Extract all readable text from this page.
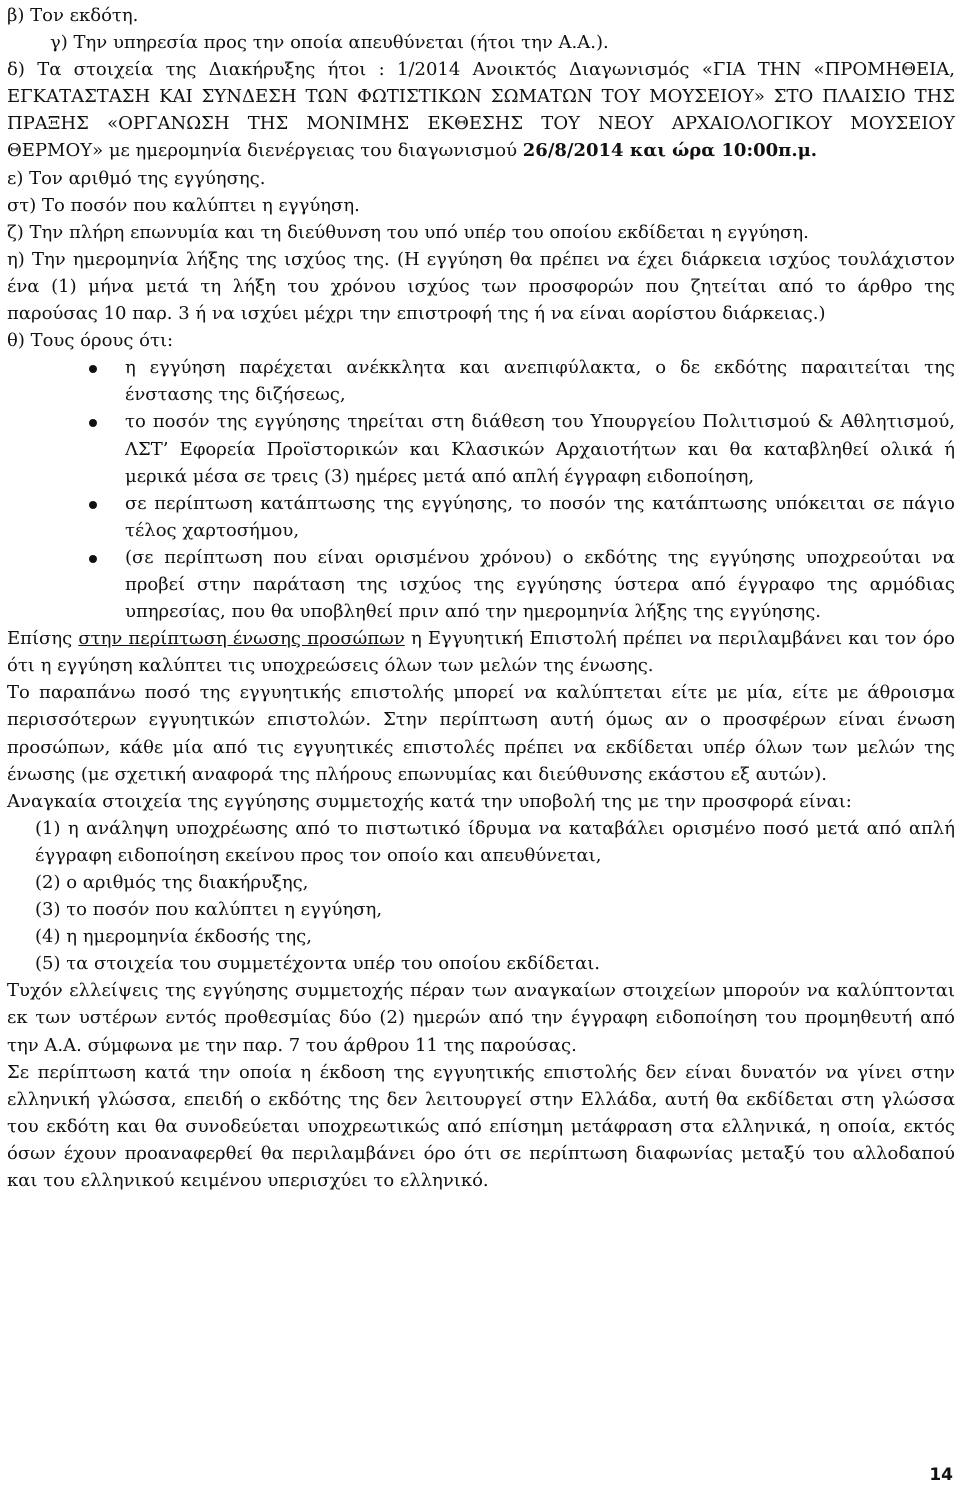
β) Τον εκδότη.

γ) Την υπηρεσία προς την οποία απευθύνεται (ήτοι την Α.Α.).

δ) Τα στοιχεία της Διακήρυξης ήτοι : 1/2014 Ανοικτός Διαγωνισμός «ΓΙΑ ΤΗΝ «ΠΡΟΜΗΘΕΙΑ, ΕΓΚΑΤΑΣΤΑΣΗ ΚΑΙ ΣΥΝΔΕΣΗ ΤΩΝ ΦΩΤΙΣΤΙΚΩΝ ΣΩΜΑΤΩΝ ΤΟΥ ΜΟΥΣΕΙΟΥ» ΣΤΟ ΠΛΑΙΣΙΟ ΤΗΣ ΠΡΑΞΗΣ «ΟΡΓΑΝΩΣΗ ΤΗΣ ΜΟΝΙΜΗΣ ΕΚΘΕΣΗΣ ΤΟΥ ΝΕΟΥ ΑΡΧΑΙΟΛΟΓΙΚΟΥ ΜΟΥΣΕΙΟΥ ΘΕΡΜΟΥ» με ημερομηνία διενέργειας του διαγωνισμού 26/8/2014 και ώρα 10:00π.μ.

ε) Τον αριθμό της εγγύησης.

στ) Το ποσόν που καλύπτει η εγγύηση.

ζ) Την πλήρη επωνυμία και τη διεύθυνση του υπό υπέρ του οποίου εκδίδεται η εγγύηση.

η) Την ημερομηνία λήξης της ισχύος της. (Η εγγύηση θα πρέπει να έχει διάρκεια ισχύος τουλάχιστον ένα (1) μήνα μετά τη λήξη του χρόνου ισχύος των προσφορών που ζητείται από το άρθρο της παρούσας 10 παρ. 3 ή να ισχύει μέχρι την επιστροφή της ή να είναι αορίστου διάρκειας.)

θ) Τους όρους ότι:

η εγγύηση παρέχεται ανέκκλητα και ανεπιφύλακτα, ο δε εκδότης παραιτείται της ένστασης της διζήσεως,
το ποσόν της εγγύησης τηρείται στη διάθεση του Υπουργείου Πολιτισμού & Αθλητισμού, ΛΣΤ’ Εφορεία Προϊστορικών και Κλασικών Αρχαιοτήτων και θα καταβληθεί ολικά ή μερικά μέσα σε τρεις (3) ημέρες μετά από απλή έγγραφη ειδοποίηση,
σε περίπτωση κατάπτωσης της εγγύησης, το ποσόν της κατάπτωσης υπόκειται σε πάγιο τέλος χαρτοσήμου,
(σε περίπτωση που είναι ορισμένου χρόνου) ο εκδότης της εγγύησης υποχρεούται να προβεί στην παράταση της ισχύος της εγγύησης ύστερα από έγγραφο της αρμόδιας υπηρεσίας, που θα υποβληθεί πριν από την ημερομηνία λήξης της εγγύησης.

Επίσης στην περίπτωση ένωσης προσώπων η Εγγυητική Επιστολή πρέπει να περιλαμβάνει και τον όρο ότι η εγγύηση καλύπτει τις υποχρεώσεις όλων των μελών της ένωσης.

Το παραπάνω ποσό της εγγυητικής επιστολής μπορεί να καλύπτεται είτε με μία, είτε με άθροισμα περισσότερων εγγυητικών επιστολών. Στην περίπτωση αυτή όμως αν ο προσφέρων είναι ένωση προσώπων, κάθε μία από τις εγγυητικές επιστολές πρέπει να εκδίδεται υπέρ όλων των μελών της ένωσης (με σχετική αναφορά της πλήρους επωνυμίας και διεύθυνσης εκάστου εξ αυτών).

Αναγκαία στοιχεία της εγγύησης συμμετοχής κατά την υποβολή της με την προσφορά είναι:

(1) η ανάληψη υποχρέωσης από το πιστωτικό ίδρυμα να καταβάλει ορισμένο ποσό μετά από απλή έγγραφη ειδοποίηση εκείνου προς τον οποίο και απευθύνεται,

(2) ο αριθμός της διακήρυξης,

(3) το ποσόν που καλύπτει η εγγύηση,

(4) η ημερομηνία έκδοσής της,

(5) τα στοιχεία του συμμετέχοντα υπέρ του οποίου εκδίδεται.

Τυχόν ελλείψεις της εγγύησης συμμετοχής πέραν των αναγκαίων στοιχείων μπορούν να καλύπτονται εκ των υστέρων εντός προθεσμίας δύο (2) ημερών από την έγγραφη ειδοποίηση του προμηθευτή από την Α.Α. σύμφωνα με την παρ. 7 του άρθρου 11 της παρούσας.

Σε περίπτωση κατά την οποία η έκδοση της εγγυητικής επιστολής δεν είναι δυνατόν να γίνει στην ελληνική γλώσσα, επειδή ο εκδότης της δεν λειτουργεί στην Ελλάδα, αυτή θα εκδίδεται στη γλώσσα του εκδότη και θα συνοδεύεται υποχρεωτικώς από επίσημη μετάφραση στα ελληνικά, η οποία, εκτός όσων έχουν προαναφερθεί θα περιλαμβάνει όρο ότι σε περίπτωση διαφωνίας μεταξύ του αλλοδαπού και του ελληνικού κειμένου υπερισχύει το ελληνικό.

14
